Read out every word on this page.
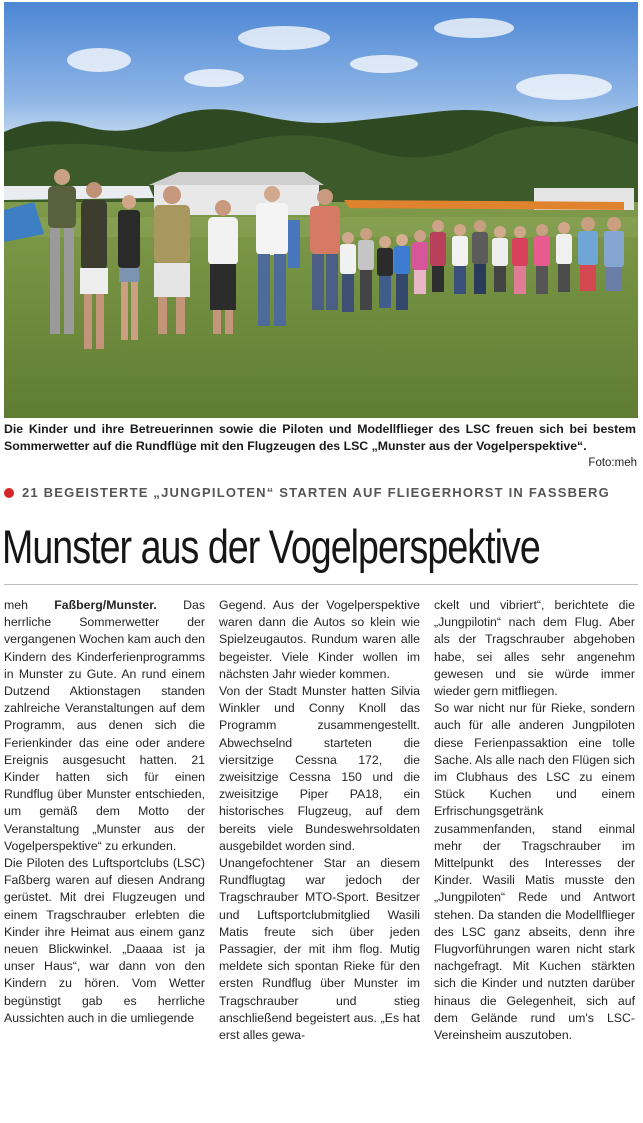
Die Kinder und ihre Betreuerinnen sowie die Piloten und Modellflieger des LSC freuen sich bei bestem Sommerwetter auf die Rundflüge mit den Flugzeugen des LSC „Munster aus der Vogelperspektive“.
Foto:meh
21 BEGEISTERTE „JUNGPILOTEN“ STARTEN AUF FLIEGERHORST IN FASSBERG
Munster aus der Vogelperspektive

meh Faßberg/Munster. Das herrliche Sommerwetter der vergangenen Wochen kam auch den Kindern des Kinderferienprogramms in Munster zu Gute. An rund einem Dutzend Aktionstagen standen zahlreiche Veranstaltungen auf dem Programm, aus denen sich die Ferienkinder das eine oder andere Ereignis ausgesucht hatten. 21 Kinder hatten sich für einen Rundflug über Munster entschieden, um gemäß dem Motto der Veranstaltung „Munster aus der Vogelperspektive“ zu erkunden.

Die Piloten des Luftsportclubs (LSC) Faßberg waren auf diesen Andrang gerüstet. Mit drei Flugzeugen und einem Tragschrauber erlebten die Kinder ihre Heimat aus einem ganz neuen Blickwinkel. „Daaaa ist ja unser Haus“, war dann von den Kindern zu hören. Vom Wetter begünstigt gab es herrliche Aussichten auch in die umliegende

Gegend. Aus der Vogelperspektive waren dann die Autos so klein wie Spielzeugautos. Rundum waren alle begeister. Viele Kinder wollen im nächsten Jahr wieder kommen.

Von der Stadt Munster hatten Silvia Winkler und Conny Knoll das Programm zusammengestellt. Abwechselnd starteten die viersitzige Cessna 172, die zweisitzige Cessna 150 und die zweisitzige Piper PA18, ein historisches Flugzeug, auf dem bereits viele Bundeswehrsoldaten ausgebildet worden sind.

Unangefochtener Star an diesem Rundflugtag war jedoch der Tragschrauber MTO-Sport. Besitzer und Luftsportclubmitglied Wasili Matis freute sich über jeden Passagier, der mit ihm flog. Mutig meldete sich spontan Rieke für den ersten Rundflug über Munster im Tragschrauber und stieg anschließend begeistert aus. „Es hat erst alles gewa-

ckelt und vibriert“, berichtete die „Jungpilotin“ nach dem Flug. Aber als der Tragschrauber abgehoben habe, sei alles sehr angenehm gewesen und sie würde immer wieder gern mitfliegen.

So war nicht nur für Rieke, sondern auch für alle anderen Jungpiloten diese Ferienpassaktion eine tolle Sache. Als alle nach den Flügen sich im Clubhaus des LSC zu einem Stück Kuchen und einem Erfrischungsgetränk zusammenfanden, stand einmal mehr der Tragschrauber im Mittelpunkt des Interesses der Kinder. Wasili Matis musste den „Jungpiloten“ Rede und Antwort stehen. Da standen die Modellflieger des LSC ganz abseits, denn ihre Flugvorführungen waren nicht stark nachgefragt. Mit Kuchen stärkten sich die Kinder und nutzten darüber hinaus die Gelegenheit, sich auf dem Gelände rund um's LSC-Vereinsheim auszutoben.
